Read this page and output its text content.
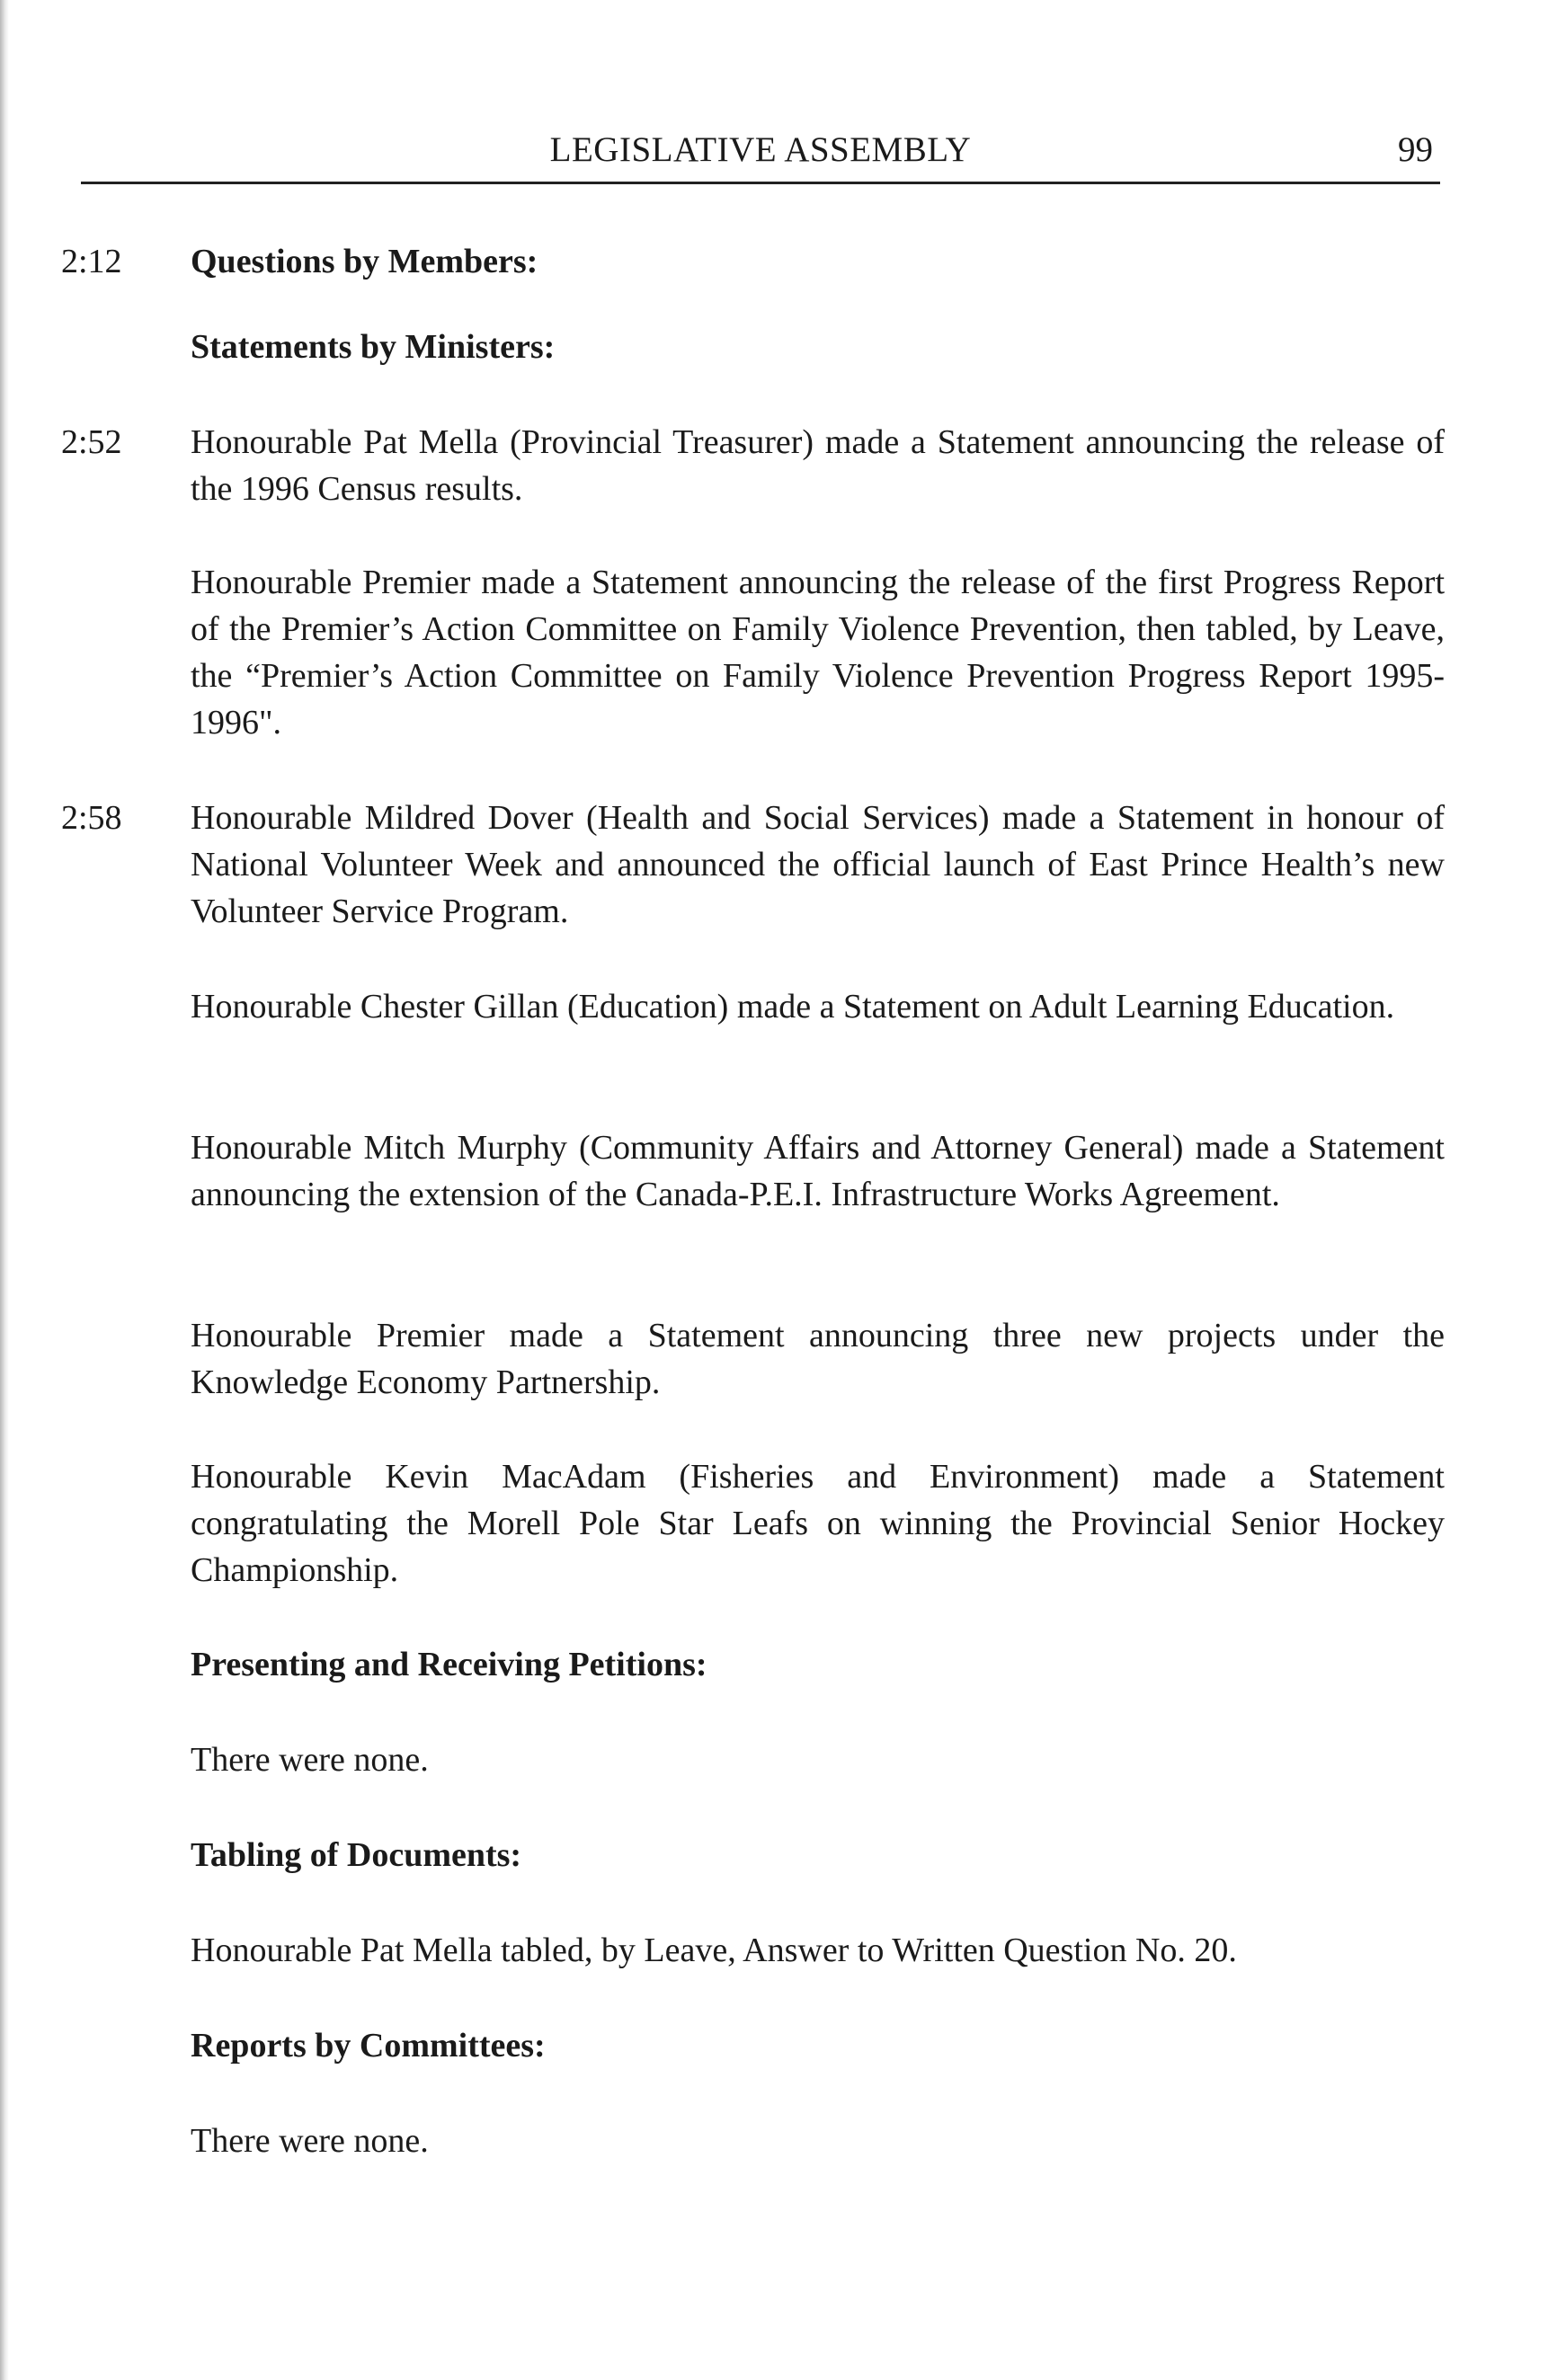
LEGISLATIVE ASSEMBLY	99
2:12 Questions by Members:
Statements by Ministers:
2:52 Honourable Pat Mella (Provincial Treasurer) made a Statement announcing the release of the 1996 Census results.
Honourable Premier made a Statement announcing the release of the first Progress Report of the Premier’s Action Committee on Family Violence Prevention, then tabled, by Leave, the “Premier’s Action Committee on Family Violence Prevention Progress Report 1995-1996".
2:58 Honourable Mildred Dover (Health and Social Services) made a Statement in honour of National Volunteer Week and announced the official launch of East Prince Health’s new Volunteer Service Program.
Honourable Chester Gillan (Education) made a Statement on Adult Learning Education.
Honourable Mitch Murphy (Community Affairs and Attorney General) made a Statement announcing the extension of the Canada-P.E.I. Infrastructure Works Agreement.
Honourable Premier made a Statement announcing three new projects under the Knowledge Economy Partnership.
Honourable Kevin MacAdam (Fisheries and Environment) made a Statement congratulating the Morell Pole Star Leafs on winning the Provincial Senior Hockey Championship.
Presenting and Receiving Petitions:
There were none.
Tabling of Documents:
Honourable Pat Mella tabled, by Leave, Answer to Written Question No. 20.
Reports by Committees:
There were none.
